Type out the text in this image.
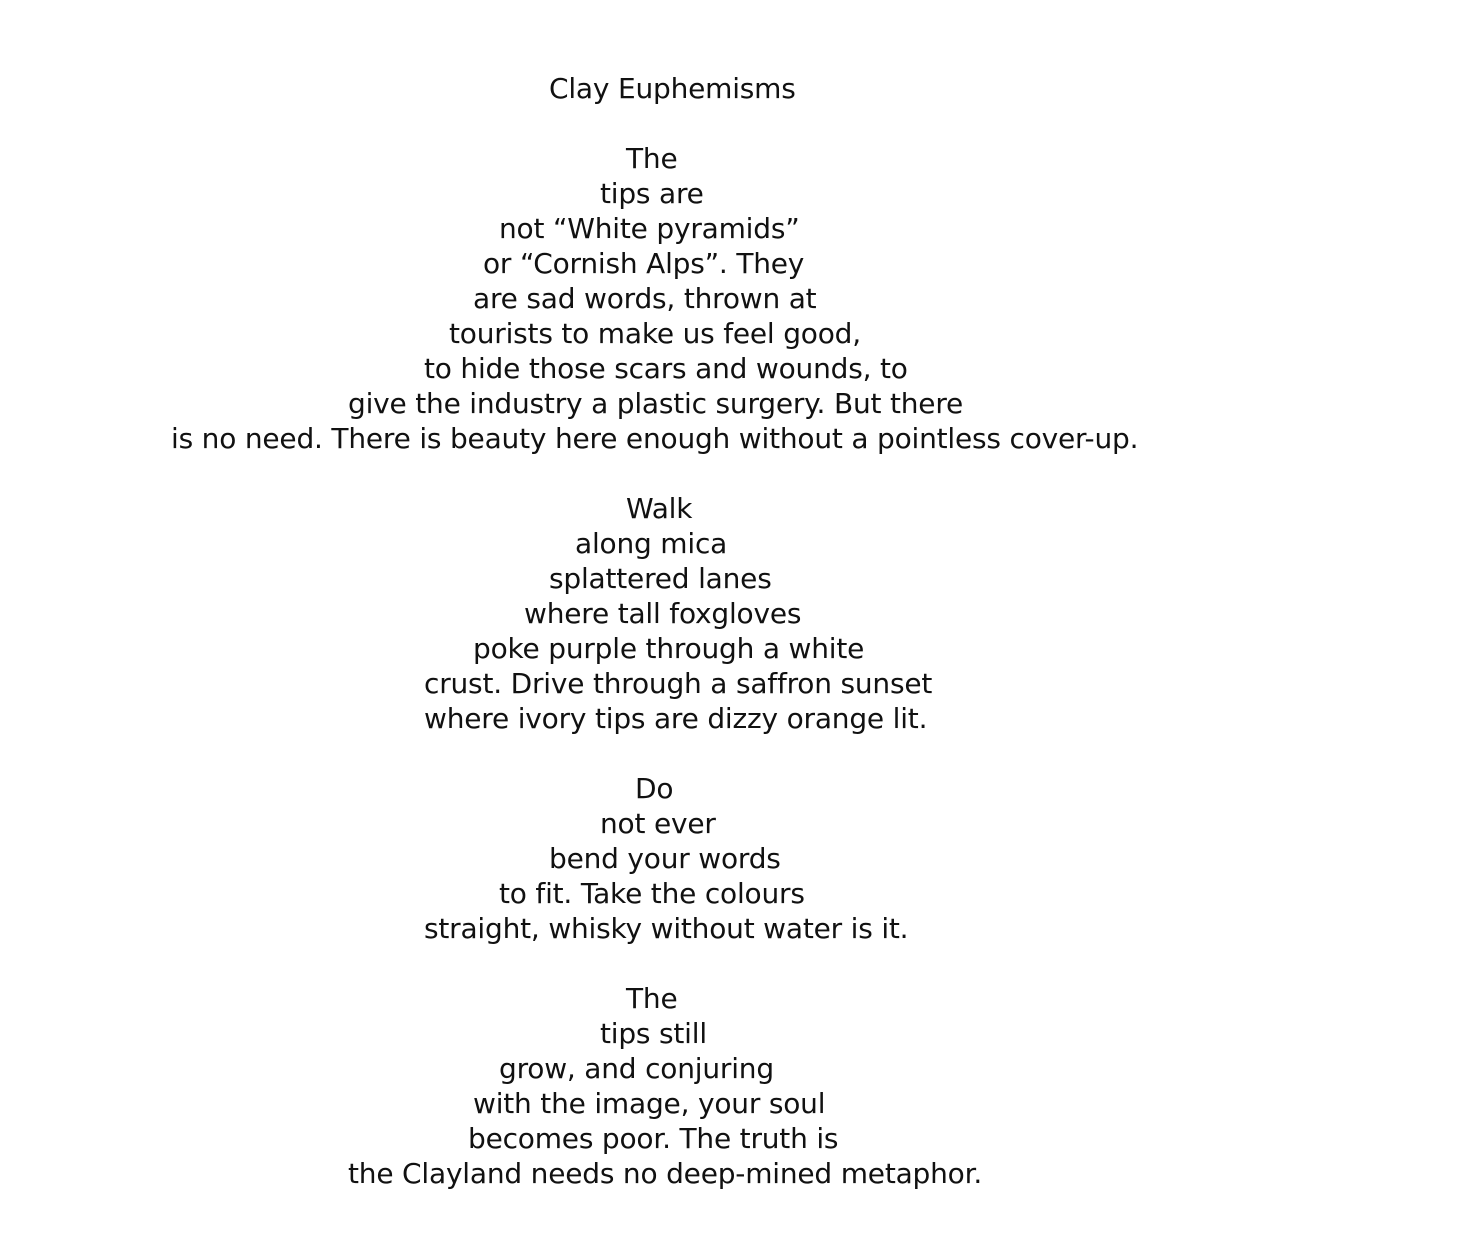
Clay Euphemisms
The
tips are
not “White pyramids”
or “Cornish Alps”. They
are sad words, thrown at
tourists to make us feel good,
to hide those scars and wounds, to
give the industry a plastic surgery. But there
is no need. There is beauty here enough without a pointless cover-up.
Walk
along mica
splattered lanes
where tall foxgloves
poke purple through a white
crust. Drive through a saffron sunset
where ivory tips are dizzy orange lit.
Do
not ever
bend your words
to fit. Take the colours
straight, whisky without water is it.
The
tips still
grow, and conjuring
with the image, your soul
becomes poor. The truth is
the Clayland needs no deep-mined metaphor.
